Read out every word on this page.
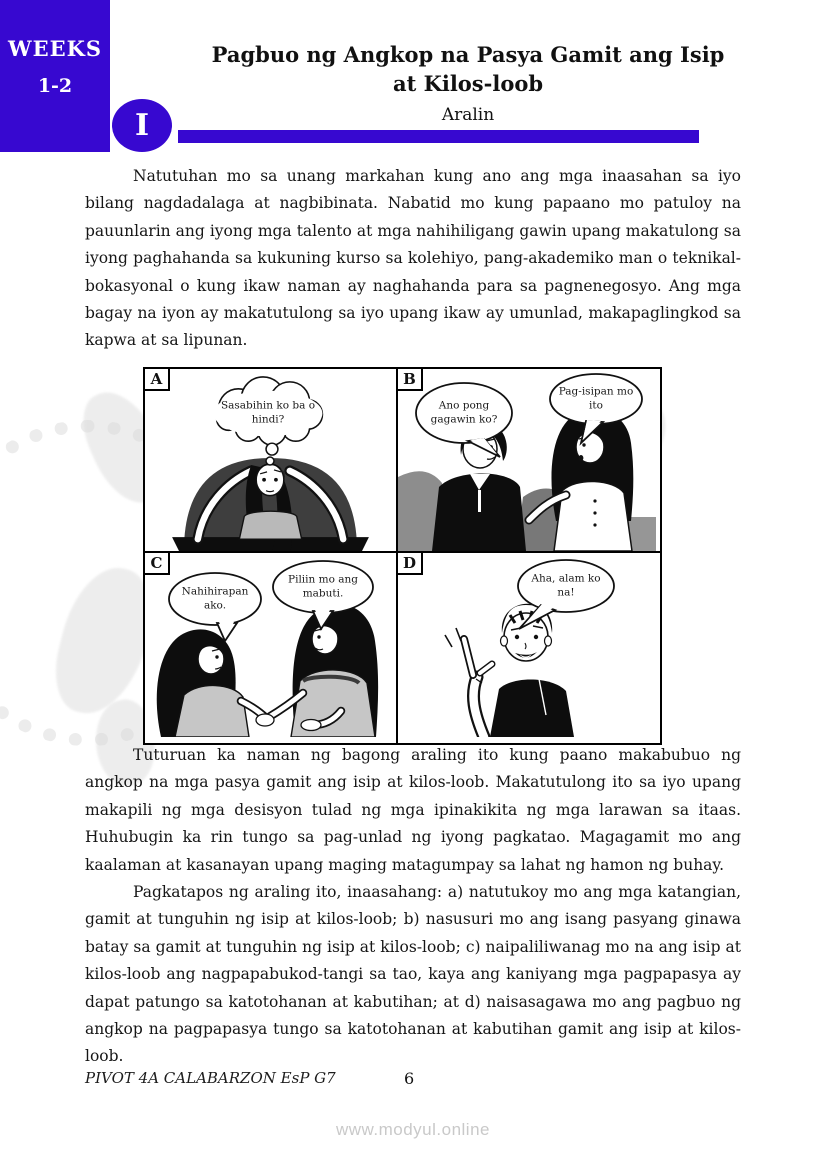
WEEKS
1-2
Pagbuo ng Angkop na Pasya Gamit ang Isip
at Kilos-loob
Aralin
I

Natutuhan mo sa unang markahan kung ano ang mga inaasahan sa iyo bilang nagdadalaga at nagbibinata. Nabatid mo kung papaano mo patuloy na pauunlarin ang iyong mga talento at mga nahihiligang gawin upang makatulong sa iyong paghahanda sa kukuning kurso sa kolehiyo, pang-akademiko man o teknikal-bokasyonal o kung ikaw naman ay naghahanda para sa pagnenegosyo. Ang mga bagay na iyon ay makatutulong sa iyo upang ikaw ay umunlad, makapaglingkod sa kapwa at sa lipunan.

A
Sasabihin ko ba o hindi?
B
Ano pong gagawin ko?
Pag-isipan mo ito
C
Nahihirapan ako.
Piliin mo ang mabuti.
D
Aha, alam ko na!

Tuturuan ka naman ng bagong araling ito kung paano makabubuo ng angkop na mga pasya gamit ang isip at kilos-loob. Makatutulong ito sa iyo upang makapili ng mga desisyon tulad ng mga ipinakikita ng mga larawan sa itaas. Huhubugin ka rin tungo sa pag-unlad ng iyong pagkatao. Magagamit mo ang kaalaman at kasanayan upang maging matagumpay sa lahat ng hamon ng buhay.

Pagkatapos ng araling ito, inaasahang: a) natutukoy mo ang mga katangian, gamit at tunguhin ng isip at kilos-loob; b) nasusuri mo ang isang pasyang ginawa batay sa gamit at tunguhin ng isip at kilos-loob; c) naipaliliwanag mo na ang isip at kilos-loob ang nagpapabukod-tangi sa tao, kaya ang kaniyang mga pagpapasya ay dapat patungo sa katotohanan at kabutihan; at d) naisasagawa mo ang pagbuo ng angkop na pagpapasya tungo sa katotohanan at kabutihan gamit ang isip at kilos-loob.

PIVOT 4A CALABARZON EsP G7	6
www.modyul.online
